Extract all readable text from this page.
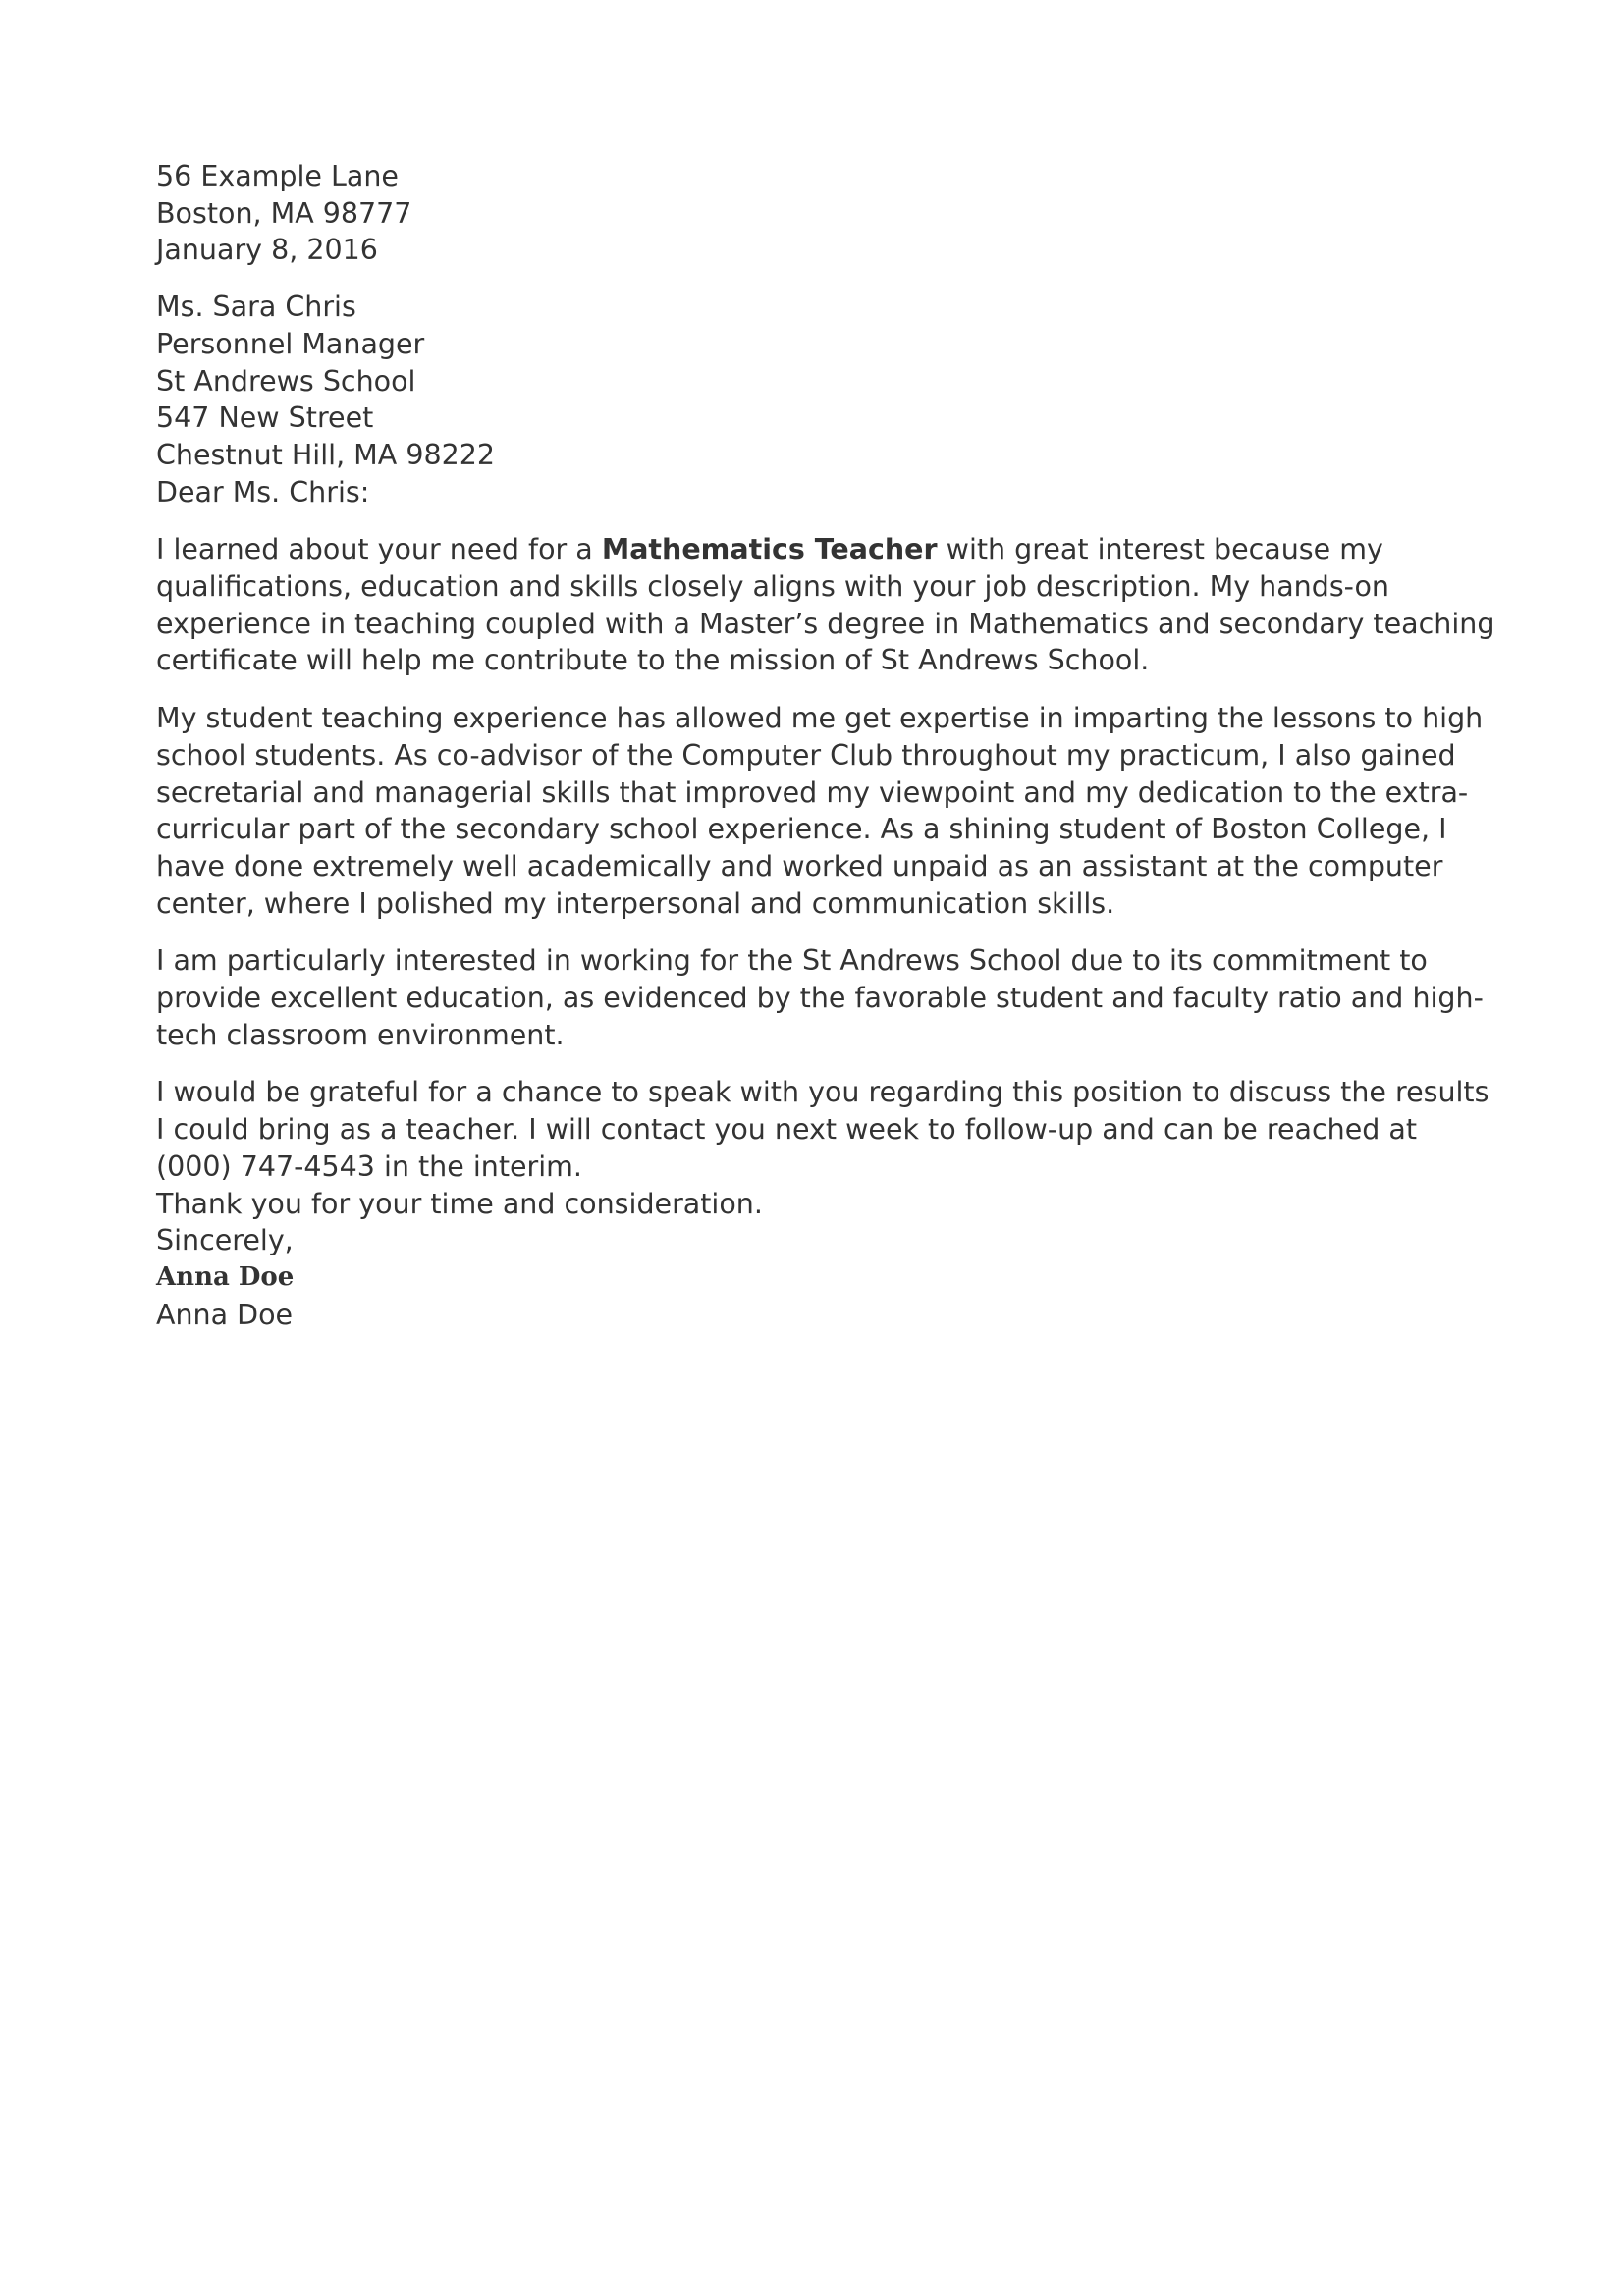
56 Example Lane
Boston, MA 98777

January 8, 2016

Ms. Sara Chris
Personnel Manager
St Andrews School
547 New Street
Chestnut Hill, MA 98222

Dear Ms. Chris:

I learned about your need for a Mathematics Teacher with great interest because my
qualifications, education and skills closely aligns with your job description. My hands-on
experience in teaching coupled with a Master’s degree in Mathematics and secondary teaching
certificate will help me contribute to the mission of St Andrews School.
My student teaching experience has allowed me get expertise in imparting the lessons to high
school students. As co-advisor of the Computer Club throughout my practicum, I also gained
secretarial and managerial skills that improved my viewpoint and my dedication to the extra-
curricular part of the secondary school experience. As a shining student of Boston College, I
have done extremely well academically and worked unpaid as an assistant at the computer
center, where I polished my interpersonal and communication skills.
I am particularly interested in working for the St Andrews School due to its commitment to
provide excellent education, as evidenced by the favorable student and faculty ratio and high-
tech classroom environment.
I would be grateful for a chance to speak with you regarding this position to discuss the results
I could bring as a teacher. I will contact you next week to follow-up and can be reached at
(000) 747-4543 in the interim.

Thank you for your time and consideration.

Sincerely,

Anna Doe

Anna Doe
